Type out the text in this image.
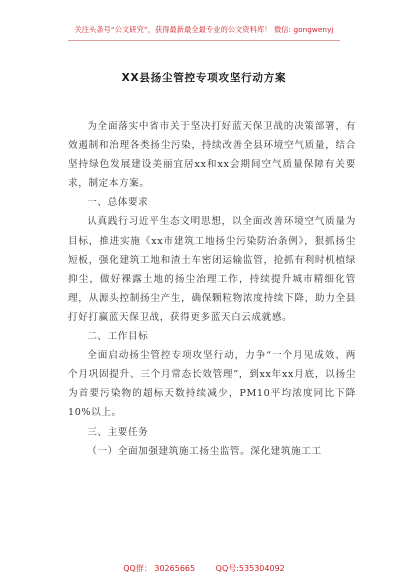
关注头条号“公文研究”，获得最新最全最专业的公文资料库！ 微信: gongwenyj
XX县扬尘管控专项攻坚行动方案

为全面落实中省市关于坚决打好蓝天保卫战的决策部署，有效遏制和治理各类扬尘污染，持续改善全县环境空气质量，结合坚持绿色发展建设美丽宜居xx和xx会期间空气质量保障有关要求，制定本方案。

一、总体要求

认真践行习近平生态文明思想，以全面改善环境空气质量为目标，推进实施《xx市建筑工地扬尘污染防治条例》，狠抓扬尘短板，强化建筑工地和渣土车密闭运输监管，抢抓有利时机植绿抑尘，做好裸露土地的扬尘治理工作，持续提升城市精细化管理，从源头控制扬尘产生，确保颗粒物浓度持续下降，助力全县打好打赢蓝天保卫战，获得更多蓝天白云成就感。

二、工作目标

全面启动扬尘管控专项攻坚行动，力争“一个月见成效、两个月巩固提升、三个月常态长效管理”，到xx年xx月底，以扬尘为首要污染物的超标天数持续减少，PM10平均浓度同比下降10%以上。

三、主要任务

（一）全面加强建筑施工扬尘监管。深化建筑施工工

QQ群： 30265665	QQ号:535304092
